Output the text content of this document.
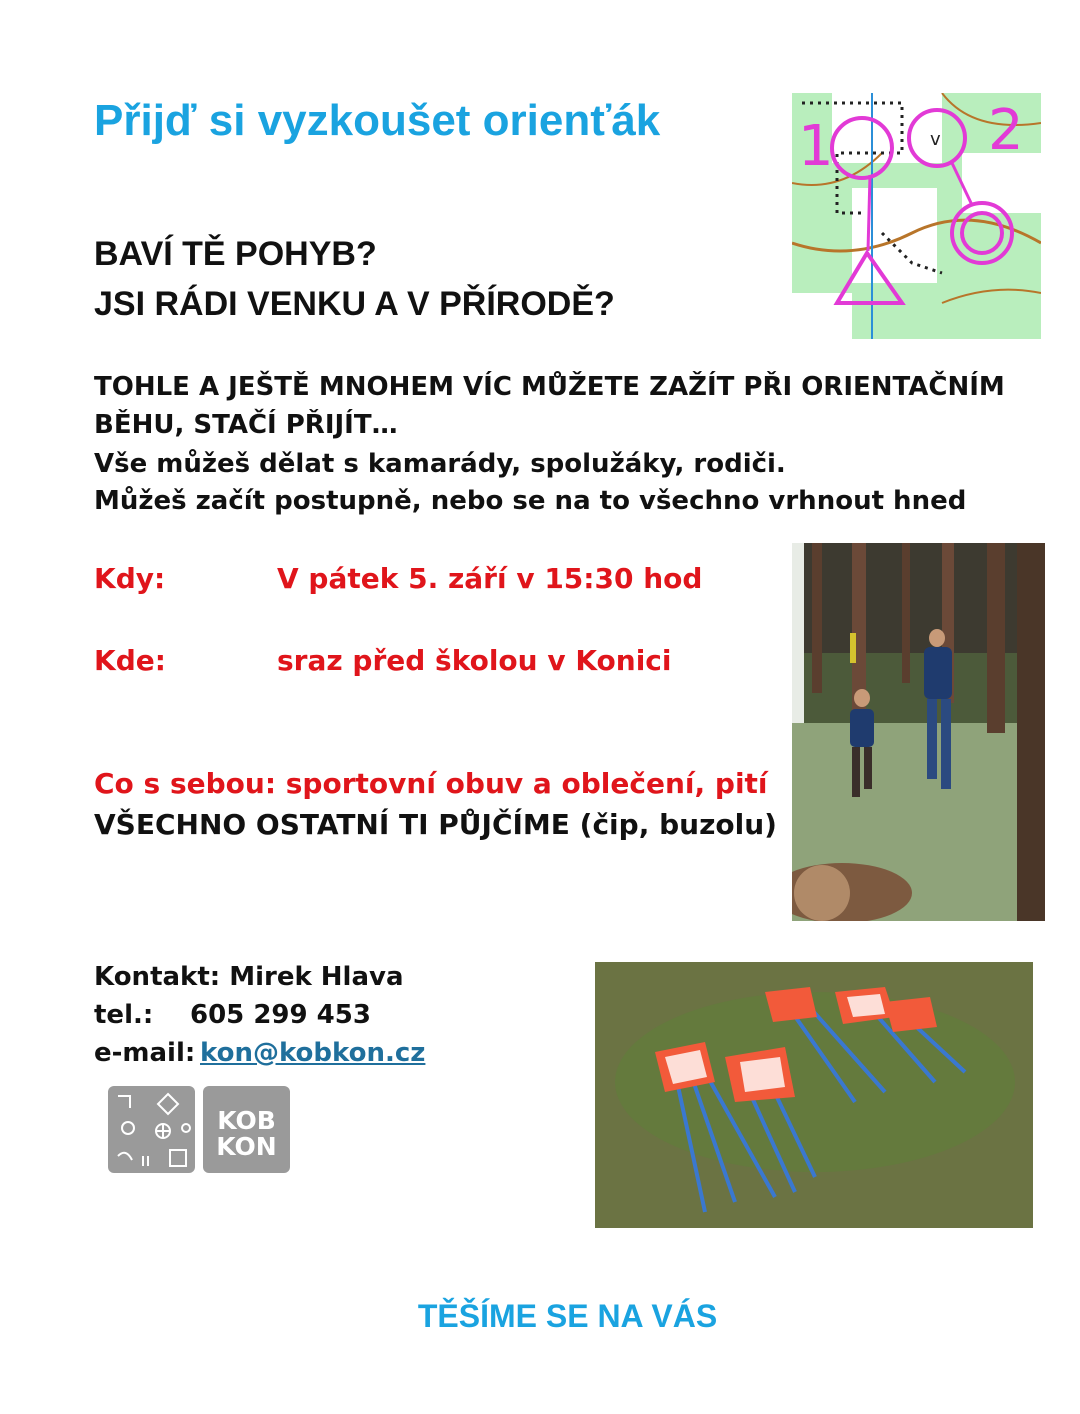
Přijď si vyzkoušet orienťák
BAVÍ TĚ POHYB?
JSI RÁDI VENKU A V PŘÍRODĚ?
TOHLE A JEŠTĚ MNOHEM VÍC MŮŽETE ZAŽÍT PŘI ORIENTAČNÍM
BĚHU, STAČÍ PŘIJÍT…
Vše můžeš dělat s kamarády, spolužáky, rodiči.
Můžeš začít postupně, nebo se na to všechno vrhnout hned
Kdy:	V pátek 5. září v 15:30 hod
Kde:	sraz před školou v Konici
Co s sebou: sportovní obuv a oblečení, pití
VŠECHNO OSTATNÍ TI PŮJČÍME (čip, buzolu)
Kontakt: Mirek Hlava
tel.: 605 299 453
e-mail: kon@kobkon.cz
1	2
v
KOB
KON
TĚŠÍME SE NA VÁS
